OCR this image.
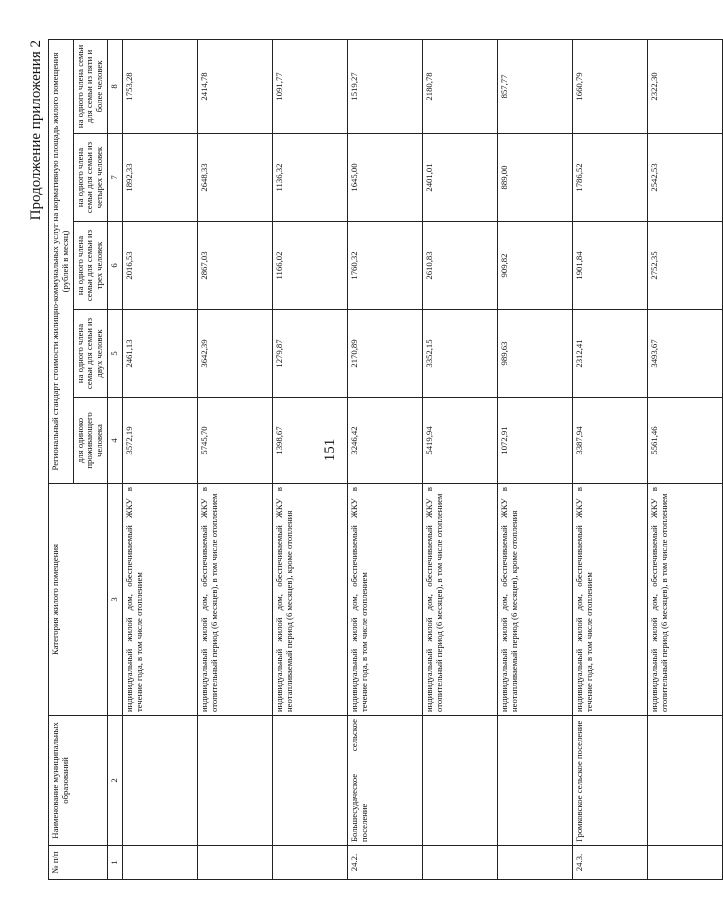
151
Продолжение приложения 2
№ п/п	Наименование муниципальных образований	Категория жилого помещения	Региональный стандарт стоимости жилищно-коммунальных услуг на нормативную площадь жилого помещения (рублей в месяц)				
			для одиноко проживающего человека	на одного члена семьи для семьи из двух человек	на одного члена семьи для семьи из трех человек	на одного члена семьи для семьи из четырех человек	на одного члена семьи для семьи из пяти и более человек
1	2	3	4	5	6	7	8
		индивидуальный жилой дом, обеспечиваемый ЖКУ в течение года, в том числе отоплением	3572,19	2461,13	2016,53	1892,33	1753,28
		индивидуальный жилой дом, обеспечиваемый ЖКУ в отопительный период (6 месяцев), в том числе отоплением	5745,70	3642,39	2867,03	2648,33	2414,78
		индивидуальный жилой дом, обеспечиваемый ЖКУ в неотапливаемый период (6 месяцев), кроме отопления	1398,67	1279,87	1166,02	1136,32	1091,77
24.2.	Большесудаческое сельское поселение	индивидуальный жилой дом, обеспечиваемый ЖКУ в течение года, в том числе отоплением	3246,42	2170,89	1760,32	1645,00	1519,27
		индивидуальный жилой дом, обеспечиваемый ЖКУ в отопительный период (6 месяцев), в том числе отоплением	5419,94	3352,15	2610,83	2401,01	2180,78
		индивидуальный жилой дом, обеспечиваемый ЖКУ в неотапливаемый период (6 месяцев), кроме отопления	1072,91	989,63	909,82	889,00	857,77
24.3.	Громковское сельское поселение	индивидуальный жилой дом, обеспечиваемый ЖКУ в течение года, в том числе отоплением	3387,94	2312,41	1901,84	1786,52	1660,79
		индивидуальный жилой дом, обеспечиваемый ЖКУ в отопительный период (6 месяцев), в том числе отоплением	5561,46	3493,67	2752,35	2542,53	2322,30
